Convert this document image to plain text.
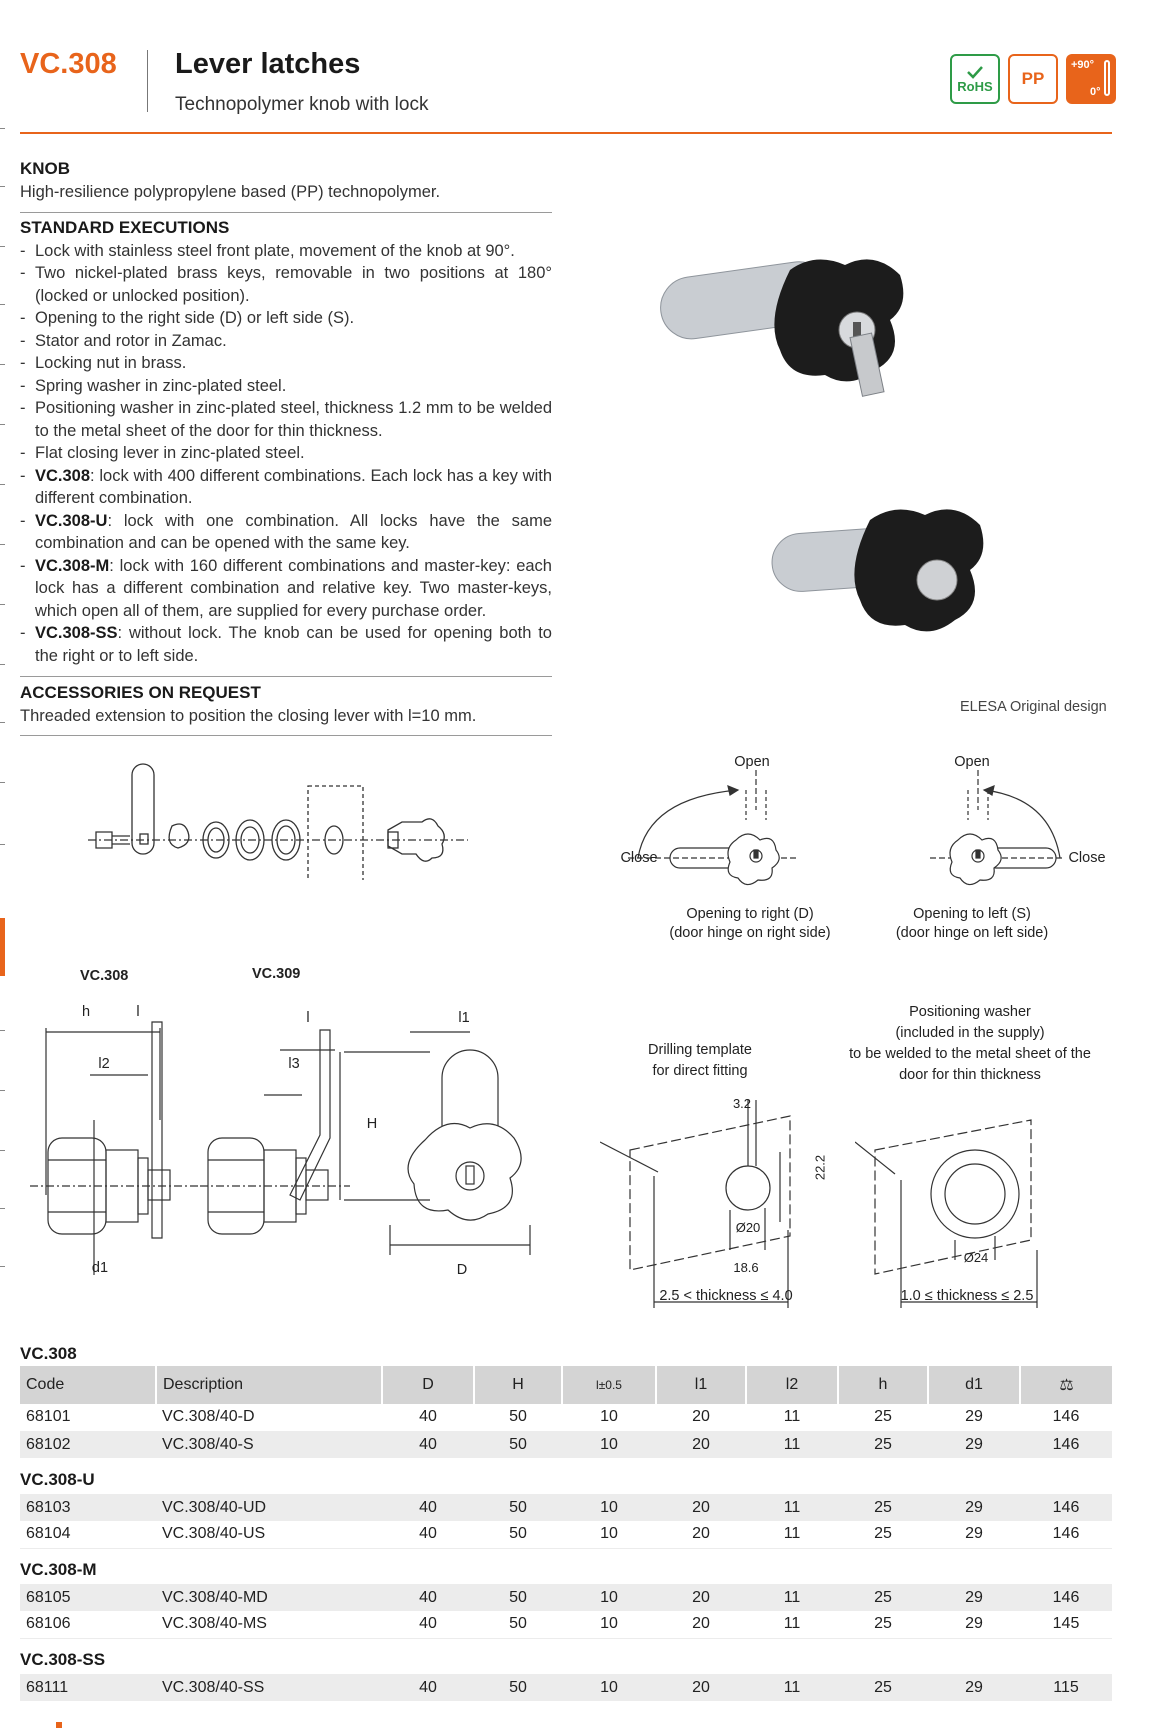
VC.308 Lever latches
Technopolymer knob with lock
RoHS PP
+90°
0°
KNOB
High-resilience polypropylene based (PP) technopolymer.
STANDARD EXECUTIONS
- Lock with stainless steel front plate, movement of the knob at 90°.
- Two nickel-plated brass keys, removable in two positions at 180° (locked or unlocked position).
- Opening to the right side (D) or left side (S).
- Stator and rotor in Zamac.
- Locking nut in brass.
- Spring washer in zinc-plated steel.
- Positioning washer in zinc-plated steel, thickness 1.2 mm to be welded to the metal sheet of the door for thin thickness.
- Flat closing lever in zinc-plated steel.
- VC.308: lock with 400 different combinations. Each lock has a key with different combination.
- VC.308-U: lock with one combination. All locks have the same combination and can be opened with the same key.
- VC.308-M: lock with 160 different combinations and master-key: each lock has a different combination and relative key. Two master-keys, which open all of them, are supplied for every purchase order.
- VC.308-SS: without lock. The knob can be used for opening both to the right or to left side.
ACCESSORIES ON REQUEST
Threaded extension to position the closing lever with l=10 mm.	ELESA Original design
Open
Close
Opening to right (D)
(door hinge on right side)
Open
Close
Opening to left (S)
(door hinge on left side)
VC.308	VC.309
h	l
l2
d1
l
l3
l1
H
D
Drilling template
for direct fitting
3.2
22.2
Ø20
18.6
2.5 < thickness ≤ 4.0
Positioning washer
(included in the supply)
to be welded to the metal sheet of the
door for thin thickness
Ø24
1.0 ≤ thickness ≤ 2.5
VC.308
Code	Description	D	H	l±0.5	l1	l2	h	d1	⚖
68101	VC.308/40-D	40	50	10	20	11	25	29	146
68102	VC.308/40-S	40	50	10	20	11	25	29	146
VC.308-U
68103	VC.308/40-UD	40	50	10	20	11	25	29	146
68104	VC.308/40-US	40	50	10	20	11	25	29	146
VC.308-M
68105	VC.308/40-MD	40	50	10	20	11	25	29	146
68106	VC.308/40-MS	40	50	10	20	11	25	29	145
VC.308-SS
68111	VC.308/40-SS	40	50	10	20	11	25	29	115
